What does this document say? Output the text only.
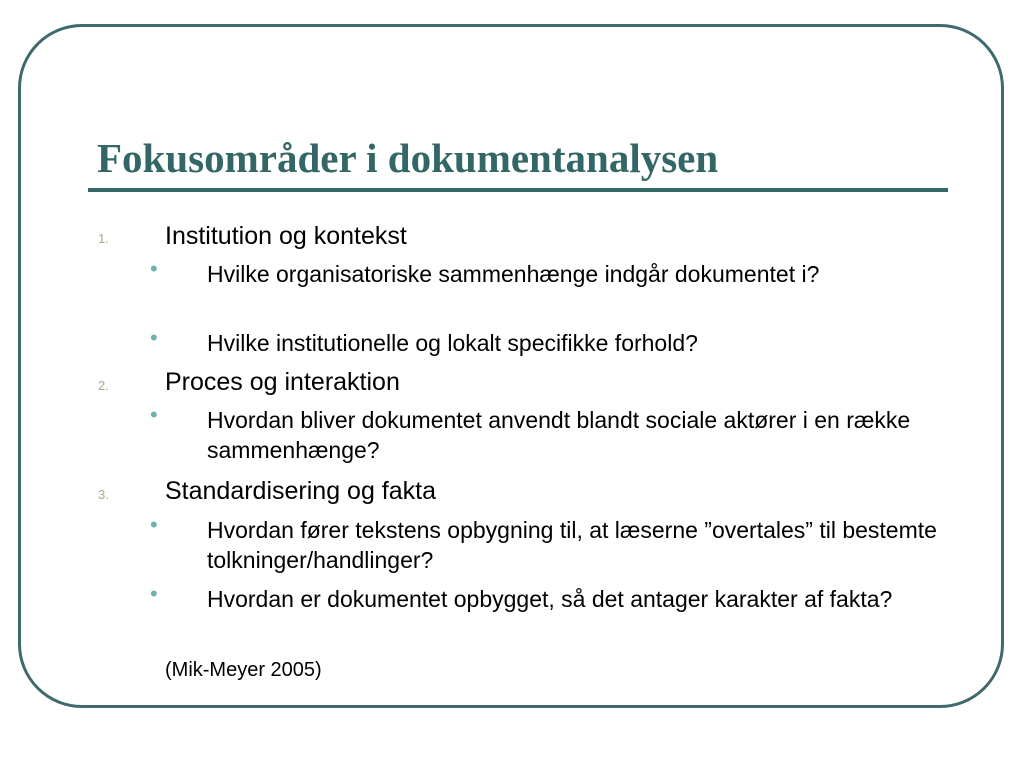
Fokusområder i dokumentanalysen
1. Institution og kontekst
• Hvilke organisatoriske sammenhænge indgår dokumentet i?
• Hvilke institutionelle og lokalt specifikke forhold?
2. Proces og interaktion
• Hvordan bliver dokumentet anvendt blandt sociale aktører i en række sammenhænge?
3. Standardisering og fakta
• Hvordan fører tekstens opbygning til, at læserne ”overtales” til bestemte tolkninger/handlinger?
• Hvordan er dokumentet opbygget, så det antager karakter af fakta?
(Mik-Meyer 2005)
